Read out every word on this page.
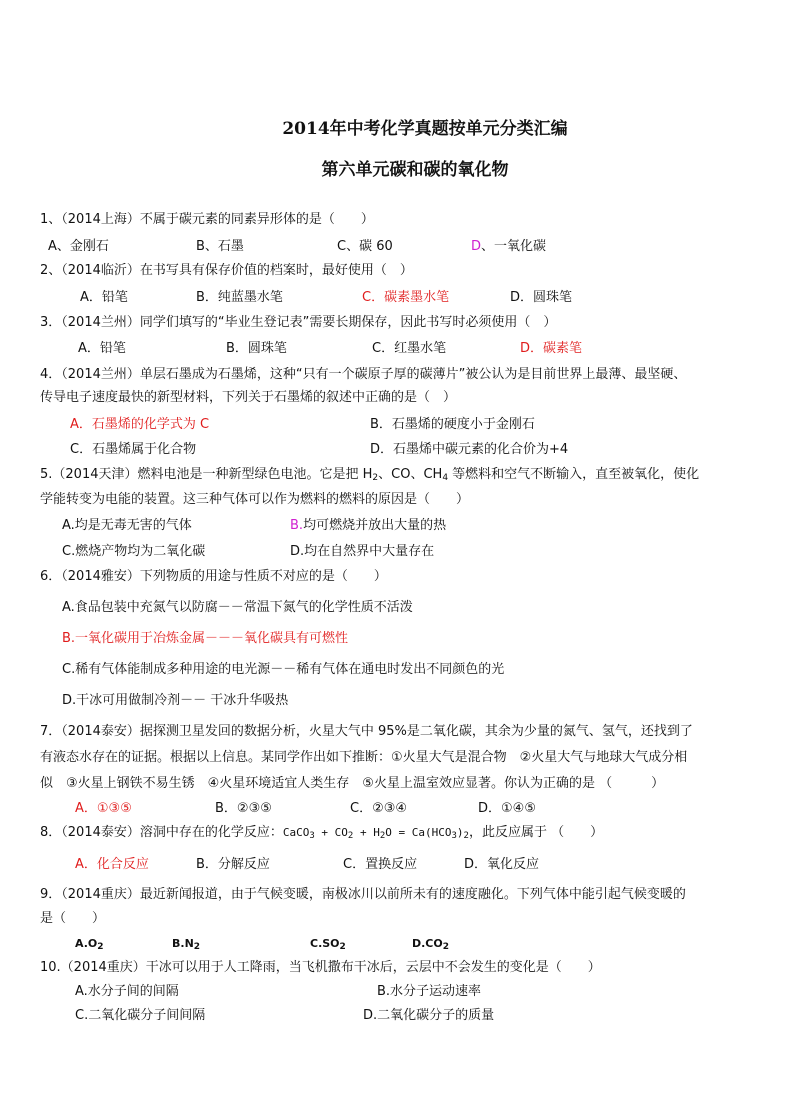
2014年中考化学真题按单元分类汇编
第六单元碳和碳的氧化物
1、（2014上海）不属于碳元素的同素异形体的是（　　）
A、金刚石	B、石墨	C、碳 60	D、一氧化碳
2、（2014临沂）在书写具有保存价值的档案时，最好使用（　）
A．铅笔	B．纯蓝墨水笔	C．碳素墨水笔	D．圆珠笔
3．（2014兰州）同学们填写的“毕业生登记表”需要长期保存，因此书写时必须使用（　）
A．铅笔	B．圆珠笔	C．红墨水笔	D．碳素笔
4．（2014兰州）单层石墨成为石墨烯，这种“只有一个碳原子厚的碳薄片”被公认为是目前世界上最薄、最坚硬、
传导电子速度最快的新型材料，下列关于石墨烯的叙述中正确的是（　）
A．石墨烯的化学式为 C	B．石墨烯的硬度小于金刚石
C．石墨烯属于化合物	D．石墨烯中碳元素的化合价为+4
5.（2014天津）燃料电池是一种新型绿色电池。它是把 $H_2$、CO、$CH_4$ 等燃料和空气不断输入，直至被氧化，使化
学能转变为电能的装置。这三种气体可以作为燃料的燃料的原因是（　　）
A.均是无毒无害的气体	B.均可燃烧并放出大量的热
C.燃烧产物均为二氧化碳	D.均在自然界中大量存在
6．（2014雅安）下列物质的用途与性质不对应的是（　　）
A.食品包装中充氮气以防腐－－常温下氮气的化学性质不活泼
B.一氧化碳用于冶炼金属－－－氧化碳具有可燃性
C.稀有气体能制成多种用途的电光源－－稀有气体在通电时发出不同颜色的光
D.干冰可用做制冷剂－－ 干冰升华吸热
7．（2014泰安）据探测卫星发回的数据分析，火星大气中 95%是二氧化碳，其余为少量的氮气、氢气，还找到了
有液态水存在的证据。根据以上信息。某同学作出如下推断：①火星大气是混合物　②火星大气与地球大气成分相
似　③火星上钢铁不易生锈　④火星环境适宜人类生存　⑤火星上温室效应显著。你认为正确的是 （　　　）
A．①③⑤	B．②③⑤	C．②③④	D．①④⑤
8．（2014泰安）溶洞中存在的化学反应：CaCO$_3$ + $CO_2 + H_2O = Ca(HCO_3)_2$，此反应属于 （　　）
A．化合反应	B．分解反应	C．置换反应	D．氧化反应
9．（2014重庆）最近新闻报道，由于气候变暖，南极冰川以前所未有的速度融化。下列气体中能引起气候变暖的
是（　　）
$A.O_2$	$B.N_2$	$C.SO_2$	$D.CO_2$
10.（2014重庆）干冰可以用于人工降雨，当飞机撒布干冰后，云层中不会发生的变化是（　　）
A.水分子间的间隔	B.水分子运动速率
C.二氧化碳分子间间隔	D.二氧化碳分子的质量
